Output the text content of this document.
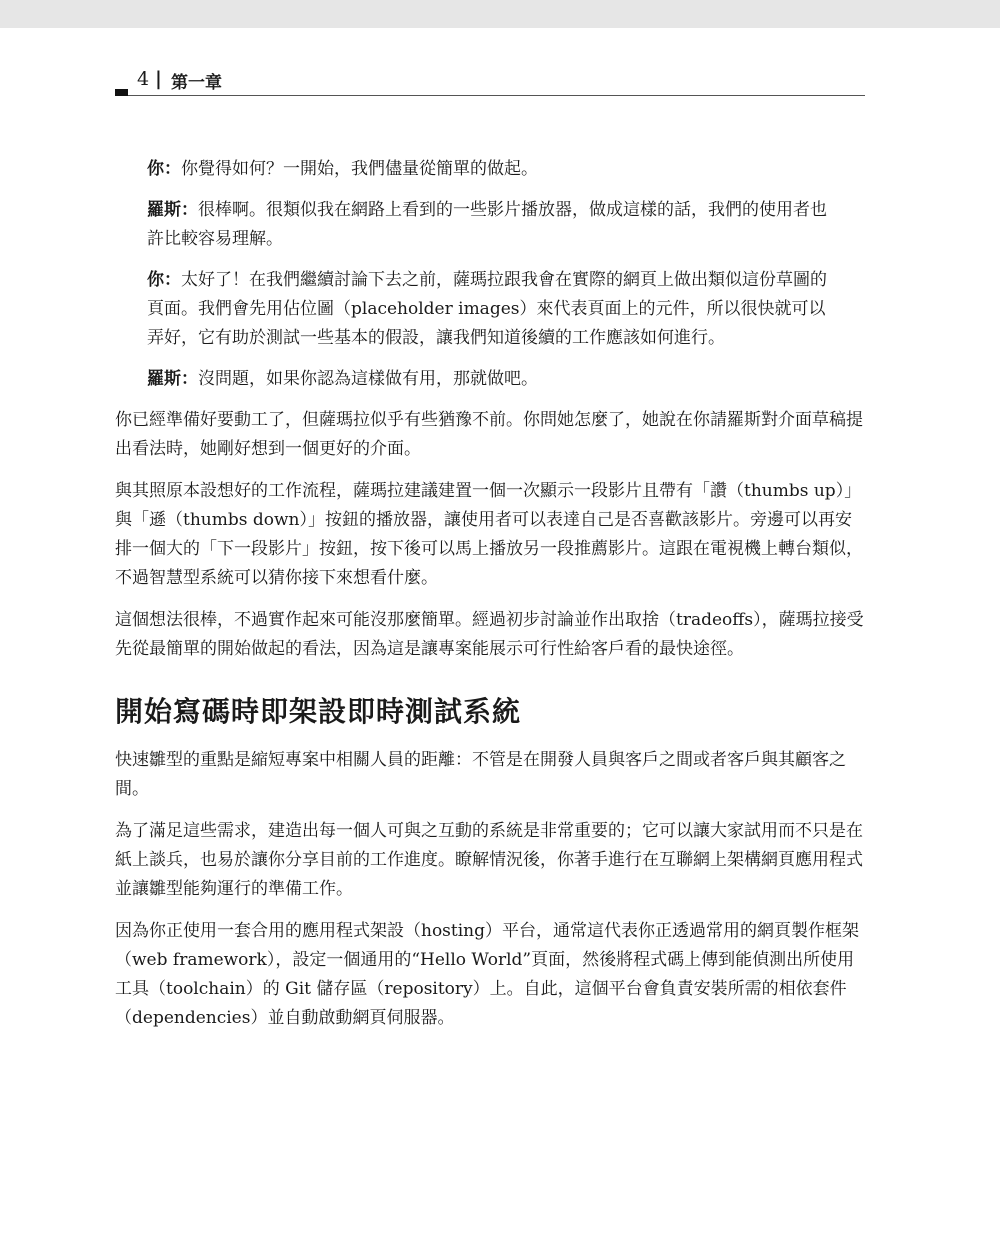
4 | 第一章

你：你覺得如何？一開始，我們儘量從簡單的做起。

羅斯：很棒啊。很類似我在網路上看到的一些影片播放器，做成這樣的話，我們的使用者也許比較容易理解。

你：太好了！在我們繼續討論下去之前，薩瑪拉跟我會在實際的網頁上做出類似這份草圖的頁面。我們會先用佔位圖（placeholder images）來代表頁面上的元件，所以很快就可以弄好，它有助於測試一些基本的假設，讓我們知道後續的工作應該如何進行。

羅斯：沒問題，如果你認為這樣做有用，那就做吧。

你已經準備好要動工了，但薩瑪拉似乎有些猶豫不前。你問她怎麼了，她說在你請羅斯對介面草稿提出看法時，她剛好想到一個更好的介面。

與其照原本設想好的工作流程，薩瑪拉建議建置一個一次顯示一段影片且帶有「讚（thumbs up）」與「遜（thumbs down）」按鈕的播放器，讓使用者可以表達自己是否喜歡該影片。旁邊可以再安排一個大的「下一段影片」按鈕，按下後可以馬上播放另一段推薦影片。這跟在電視機上轉台類似，不過智慧型系統可以猜你接下來想看什麼。

這個想法很棒，不過實作起來可能沒那麼簡單。經過初步討論並作出取捨（tradeoffs），薩瑪拉接受先從最簡單的開始做起的看法，因為這是讓專案能展示可行性給客戶看的最快途徑。

開始寫碼時即架設即時測試系統

快速雛型的重點是縮短專案中相關人員的距離：不管是在開發人員與客戶之間或者客戶與其顧客之間。

為了滿足這些需求，建造出每一個人可與之互動的系統是非常重要的；它可以讓大家試用而不只是在紙上談兵，也易於讓你分享目前的工作進度。瞭解情況後，你著手進行在互聯網上架構網頁應用程式並讓雛型能夠運行的準備工作。

因為你正使用一套合用的應用程式架設（hosting）平台，通常這代表你正透過常用的網頁製作框架（web framework），設定一個通用的“Hello World”頁面，然後將程式碼上傳到能偵測出所使用工具（toolchain）的 Git 儲存區（repository）上。自此，這個平台會負責安裝所需的相依套件（dependencies）並自動啟動網頁伺服器。
